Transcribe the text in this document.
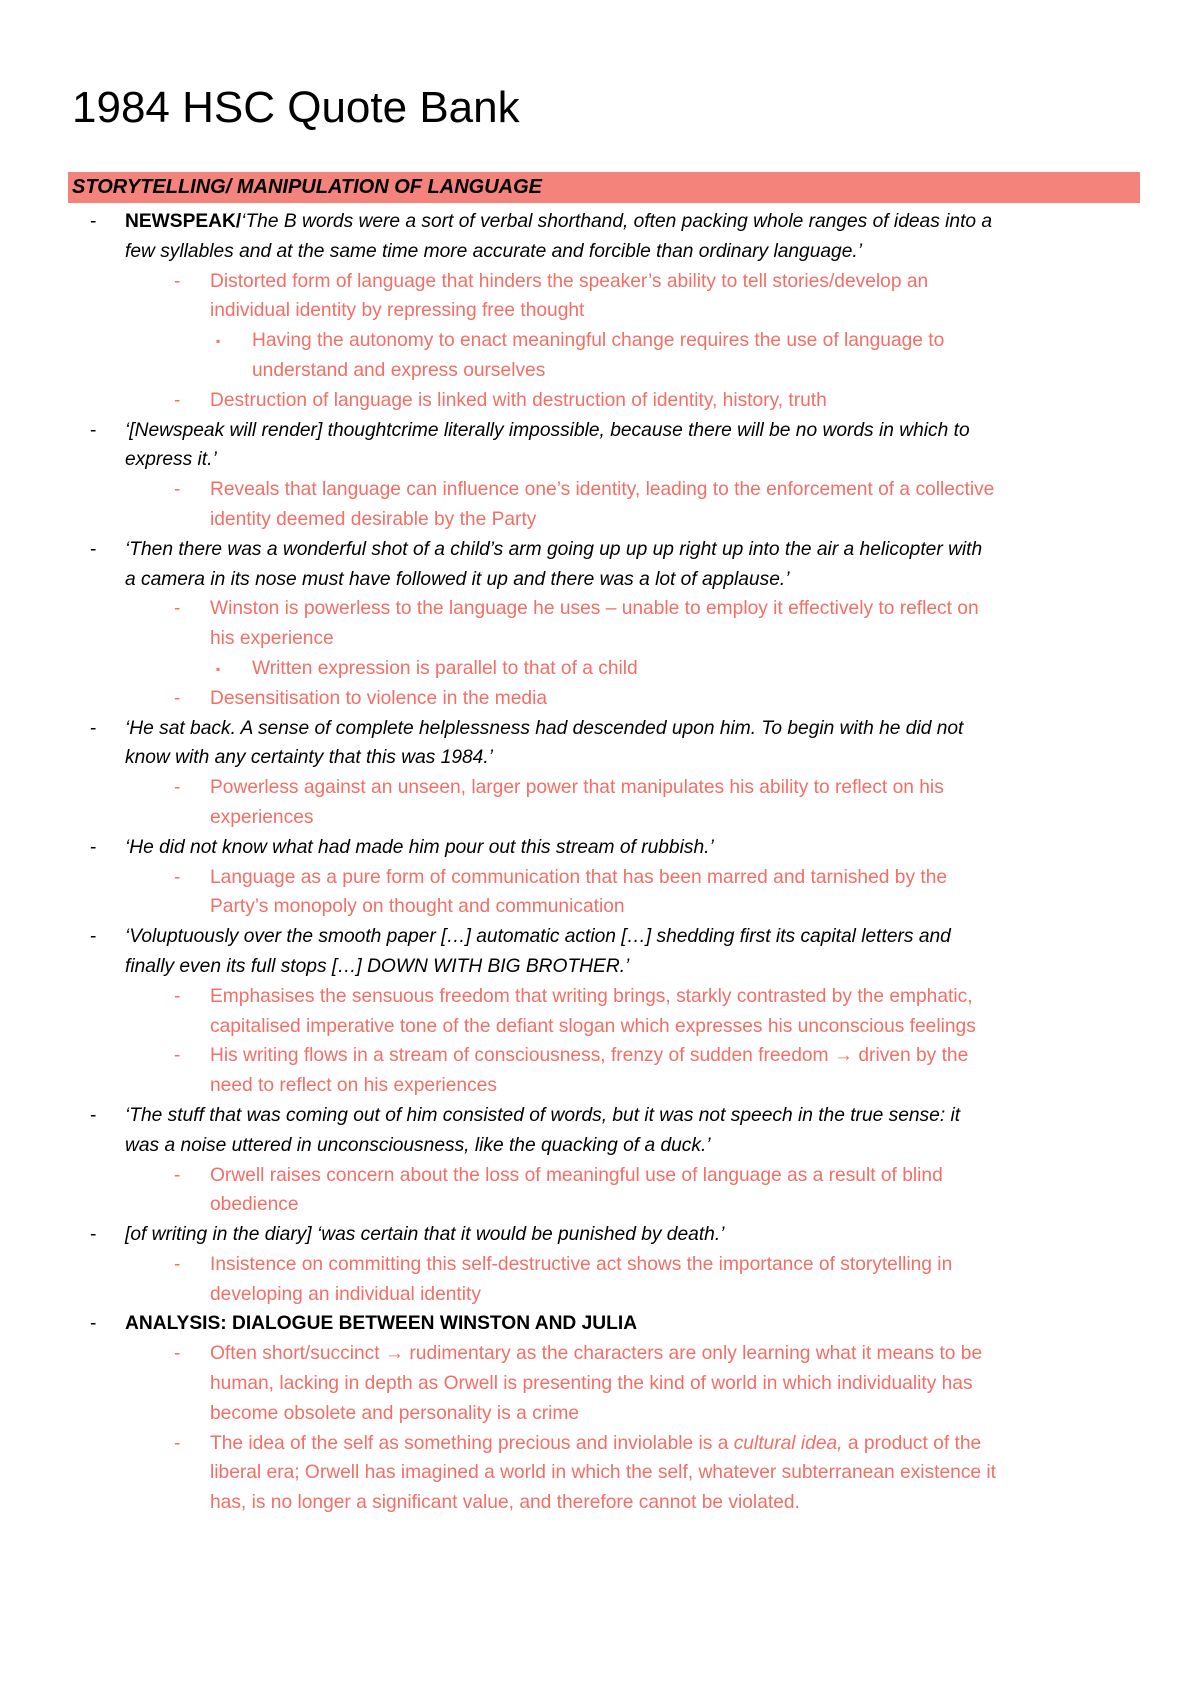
1984 HSC Quote Bank
STORYTELLING/ MANIPULATION OF LANGUAGE
- NEWSPEAK/‘The B words were a sort of verbal shorthand, often packing whole ranges of ideas into a
few syllables and at the same time more accurate and forcible than ordinary language.’
- Distorted form of language that hinders the speaker’s ability to tell stories/develop an
individual identity by repressing free thought
▪ Having the autonomy to enact meaningful change requires the use of language to
understand and express ourselves
- Destruction of language is linked with destruction of identity, history, truth
- ‘[Newspeak will render] thoughtcrime literally impossible, because there will be no words in which to
express it.’
- Reveals that language can influence one’s identity, leading to the enforcement of a collective
identity deemed desirable by the Party
- ‘Then there was a wonderful shot of a child’s arm going up up up right up into the air a helicopter with
a camera in its nose must have followed it up and there was a lot of applause.’
- Winston is powerless to the language he uses – unable to employ it effectively to reflect on
his experience
▪ Written expression is parallel to that of a child
- Desensitisation to violence in the media
- ‘He sat back. A sense of complete helplessness had descended upon him. To begin with he did not
know with any certainty that this was 1984.’
- Powerless against an unseen, larger power that manipulates his ability to reflect on his
experiences
- ‘He did not know what had made him pour out this stream of rubbish.’
- Language as a pure form of communication that has been marred and tarnished by the
Party’s monopoly on thought and communication
- ‘Voluptuously over the smooth paper […] automatic action […] shedding first its capital letters and
finally even its full stops […] DOWN WITH BIG BROTHER.’
- Emphasises the sensuous freedom that writing brings, starkly contrasted by the emphatic,
capitalised imperative tone of the defiant slogan which expresses his unconscious feelings
- His writing flows in a stream of consciousness, frenzy of sudden freedom → driven by the
need to reflect on his experiences
- ‘The stuff that was coming out of him consisted of words, but it was not speech in the true sense: it
was a noise uttered in unconsciousness, like the quacking of a duck.’
- Orwell raises concern about the loss of meaningful use of language as a result of blind
obedience
- [of writing in the diary] ‘was certain that it would be punished by death.’
- Insistence on committing this self-destructive act shows the importance of storytelling in
developing an individual identity
- ANALYSIS: DIALOGUE BETWEEN WINSTON AND JULIA
- Often short/succinct → rudimentary as the characters are only learning what it means to be
human, lacking in depth as Orwell is presenting the kind of world in which individuality has
become obsolete and personality is a crime
- The idea of the self as something precious and inviolable is a cultural idea, a product of the
liberal era; Orwell has imagined a world in which the self, whatever subterranean existence it
has, is no longer a significant value, and therefore cannot be violated.
